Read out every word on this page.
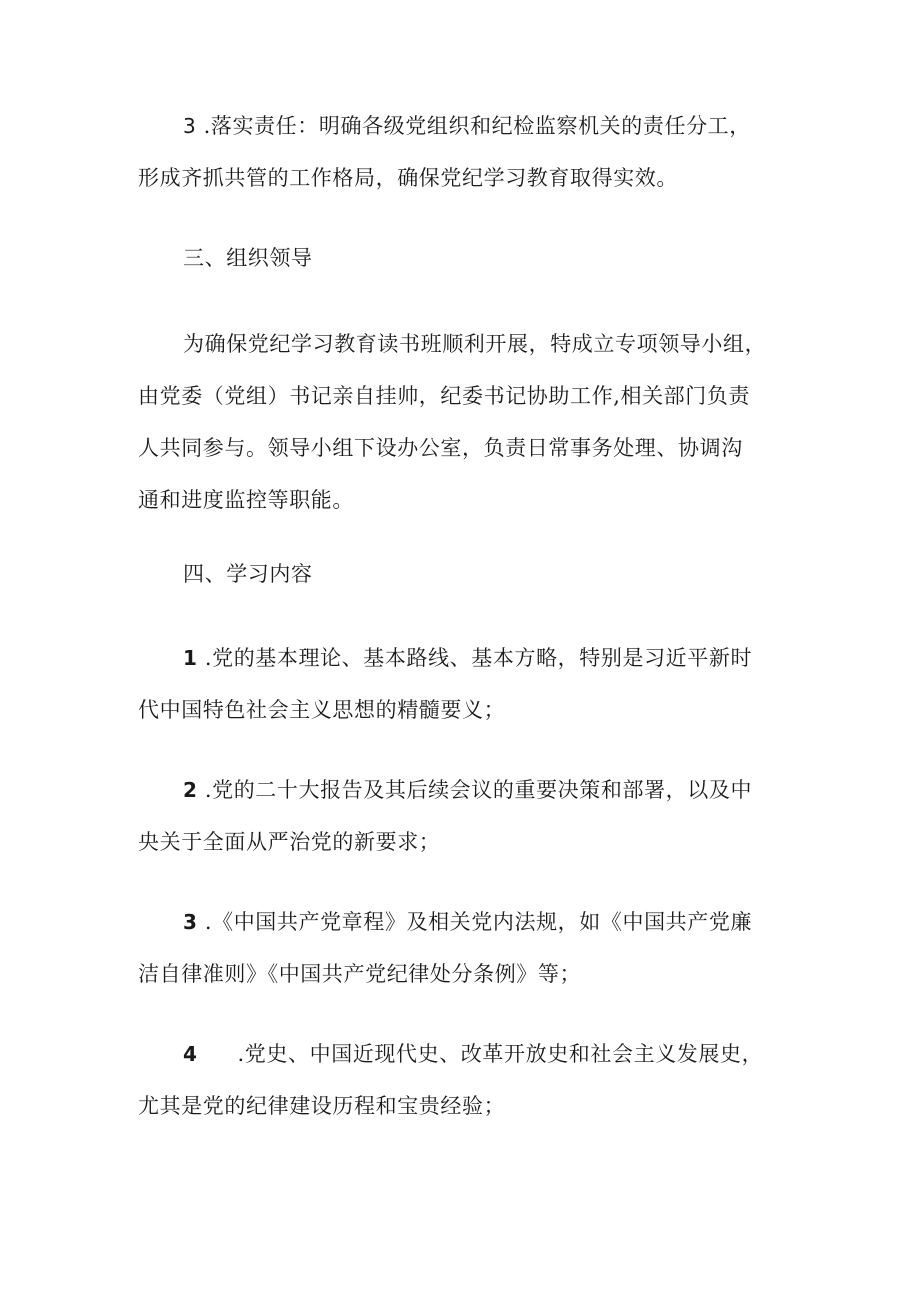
3 .落实责任：明确各级党组织和纪检监察机关的责任分工，
形成齐抓共管的工作格局，确保党纪学习教育取得实效。

三、组织领导

为确保党纪学习教育读书班顺利开展，特成立专项领导小组，
由党委（党组）书记亲自挂帅，纪委书记协助工作,相关部门负责
人共同参与。领导小组下设办公室，负责日常事务处理、协调沟
通和进度监控等职能。

四、学习内容

1 .党的基本理论、基本路线、基本方略，特别是习近平新时
代中国特色社会主义思想的精髓要义；

2 .党的二十大报告及其后续会议的重要决策和部署，以及中
央关于全面从严治党的新要求；

3 .《中国共产党章程》及相关党内法规，如《中国共产党廉
洁自律准则》《中国共产党纪律处分条例》等；

4 .党史、中国近现代史、改革开放史和社会主义发展史，
尤其是党的纪律建设历程和宝贵经验；
